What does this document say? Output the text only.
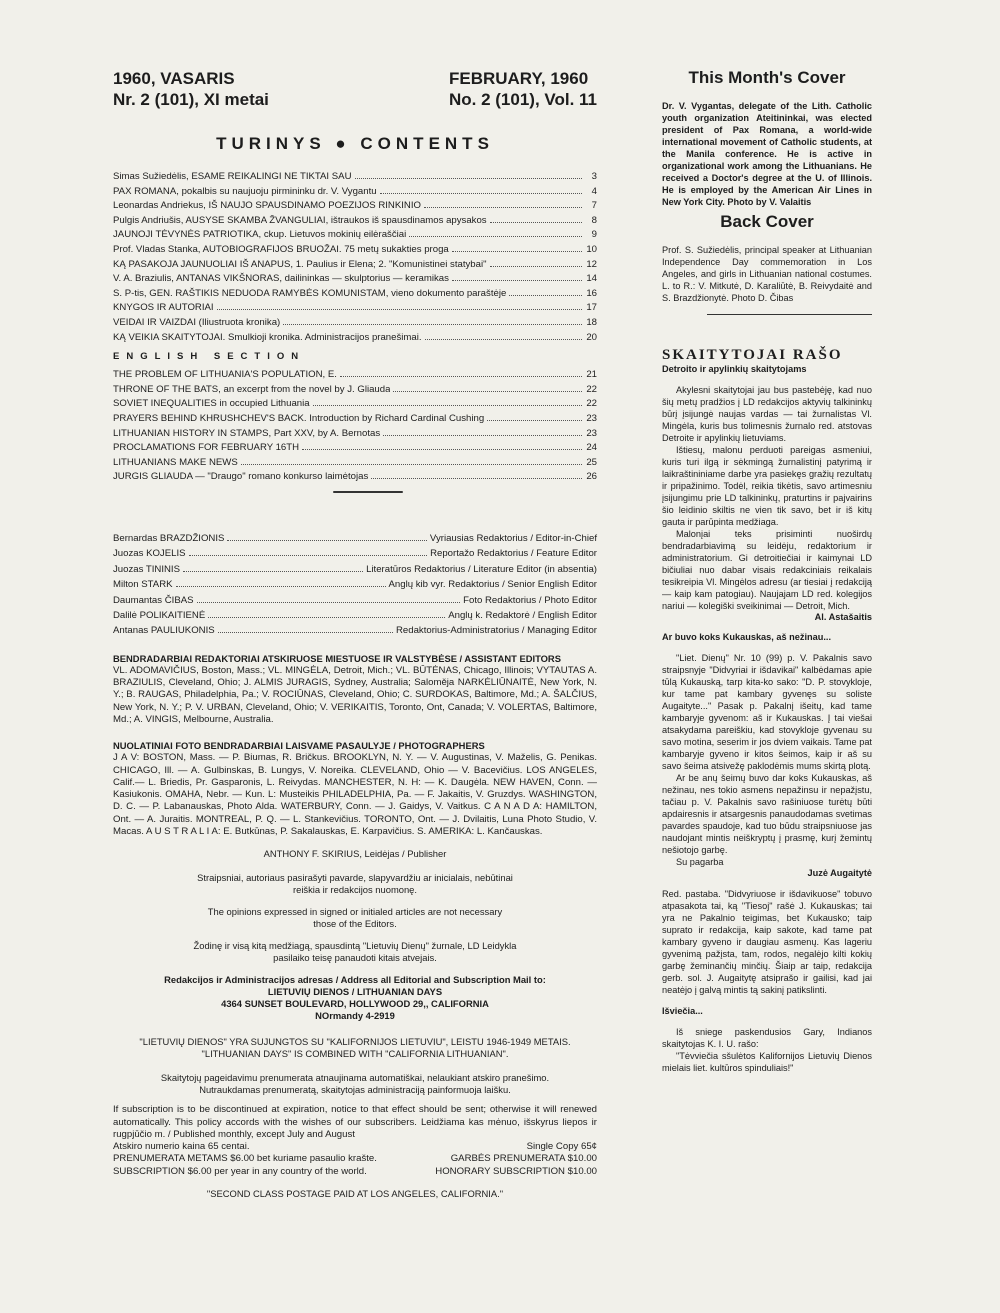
1960, VASARIS
Nr. 2 (101), XI metai
FEBRUARY, 1960
No. 2 (101), Vol. 11
TURINYS ● CONTENTS
Simas Sužiedėlis, ESAME REIKALINGI NE TIKTAI SAU	3
PAX ROMANA, pokalbis su naujuoju pirmininku dr. V. Vygantu	4
Leonardas Andriekus, IŠ NAUJO SPAUSDINAMO POEZIJOS RINKINIO	7
Pulgis Andriušis, AUSYSE SKAMBA ŽVANGULIAI, ištraukos iš spausdinamos apysakos	8
JAUNOJI TĖVYNĖS PATRIOTIKA, ckup. Lietuvos mokinių eilėraščiai	9
Prof. Vladas Stanka, AUTOBIOGRAFIJOS BRUOŽAI. 75 metų sukakties proga	10
KĄ PASAKOJA JAUNUOLIAI IŠ ANAPUS, 1. Paulius ir Elena; 2. "Komunistinei statybai"	12
V. A. Braziulis, ANTANAS VIKŠNORAS, dailininkas — skulptorius — keramikas	14
S. P-tis, GEN. RAŠTIKIS NEDUODA RAMYBĖS KOMUNISTAM, vieno dokumento paraštėje	16
KNYGOS IR AUTORIAI	17
VEIDAI IR VAIZDAI (Iliustruota kronika)	18
KĄ VEIKIA SKAITYTOJAI. Smulkioji kronika. Administracijos pranešimai.	20
ENGLISH SECTION
THE PROBLEM OF LITHUANIA'S POPULATION, E.	21
THRONE OF THE BATS, an excerpt from the novel by J. Gliauda	22
SOVIET INEQUALITIES in occupied Lithuania	22
PRAYERS BEHIND KHRUSHCHEV'S BACK. Introduction by Richard Cardinal Cushing	23
LITHUANIAN HISTORY IN STAMPS, Part XXV, by A. Bernotas	23
PROCLAMATIONS FOR FEBRUARY 16TH	24
LITHUANIANS MAKE NEWS	25
JURGIS GLIAUDA — "Draugo" romano konkurso laimėtojas	26
Bernardas BRAZDŽIONIS	Vyriausias Redaktorius / Editor-in-Chief
Juozas KOJELIS	Reportažo Redaktorius / Feature Editor
Juozas TININIS	Literatūros Redaktorius / Literature Editor (in absentia)
Milton STARK	Anglų kib vyr. Redaktorius / Senior English Editor
Daumantas ČIBAS	Foto Redaktorius / Photo Editor
Dalilė POLIKAITIENĖ	Anglų k. Redaktorė / English Editor
Antanas PAULIUKONIS	Redaktorius-Administratorius / Managing Editor
BENDRADARBIAI REDAKTORIAI ATSKIRUOSE MIESTUOSE IR VALSTYBĖSE / ASSISTANT EDITORS
VL. ADOMAVIČIUS, Boston, Mass.; VL. MINGĖLA, Detroit, Mich.; VL. BŪTĖNAS, Chicago, Illinois; VYTAUTAS A. BRAZIULIS, Cleveland, Ohio; J. ALMIS JURAGIS, Sydney, Australia; Saloměja NARKĖLIŪNAITĖ, New York, N. Y.; B. RAUGAS, Philadelphia, Pa.; V. ROCIŪNAS, Cleveland, Ohio; C. SURDOKAS, Baltimore, Md.; A. ŠALČIUS, New York, N. Y.; P. V. URBAN, Cleveland, Ohio; V. VERIKAITIS, Toronto, Ont, Canada; V. VOLERTAS, Baltimore, Md.; A. VINGIS, Melbourne, Australia.
NUOLATINIAI FOTO BENDRADARBIAI LAISVAME PASAULYJE / PHOTOGRAPHERS
J A V: BOSTON, Mass. — P. Biumas, R. Bričkus. BROOKLYN, N. Y. — V. Augustinas, V. Maželis, G. Penikas. CHICAGO, Ill. — A. Gulbinskas, B. Lungys, V. Noreika. CLEVELAND, Ohio — V. Bacevičius. LOS ANGELES, Calif.— L. Briedis, Pr. Gasparonis, L. Reivydas. MANCHESTER, N. H: — K. Daugėla. NEW HAVEN, Conn. — Kasiukonis. OMAHA, Nebr. — Kun. L: Musteikis PHILADELPHIA, Pa. — F. Jakaitis, V. Gruzdys. WASHINGTON, D. C. — P. Labanauskas, Photo Alda. WATERBURY, Conn. — J. Gaidys, V. Vaitkus. C A N A D A: HAMILTON, Ont. — A. Juraitis. MONTREAL, P. Q. — L. Stankevičius. TORONTO, Ont. — J. Dvilaitis, Luna Photo Studio, V. Macas. A U S T R A L I A: E. Butkūnas, P. Sakalauskas, E. Karpavičius. S. AMERIKA: L. Kančauskas.
ANTHONY F. SKIRIUS, Leidėjas / Publisher
Straipsniai, autoriaus pasirašyti pavarde, slapyvardžiu ar inicialais, nebūtinai reiškia ir redakcijos nuomonę.
The opinions expressed in signed or initialed articles are not necessary those of the Editors.
Žodinę ir visą kitą medžiagą, spausdintą "Lietuvių Dienų" žurnale, LD Leidykla pasilaiko teisę panaudoti kitais atvejais.
Redakcijos ir Administracijos adresas / Address all Editorial and Subscription Mail to:
LIETUVIŲ DIENOS / LITHUANIAN DAYS
4364 SUNSET BOULEVARD, HOLLYWOOD 29,, CALIFORNIA
NOrmandy 4-2919
"LIETUVIŲ DIENOS" YRA SUJUNGTOS SU "KALIFORNIJOS LIETUVIU", LEISTU 1946-1949 METAIS.
"LITHUANIAN DAYS" IS COMBINED WITH "CALIFORNIA LITHUANIAN".
Skaitytojų pageidavimu prenumerata atnaujinama automatiškai, nelaukiant atskiro pranešimo.
Nutraukdamas prenumeratą, skaitytojas administraciją painformuoja laišku.
If subscription is to be discontinued at expiration, notice to that effect should be sent; otherwise it will renewed automatically. This policy accords with the wishes of our subscribers. Leidžiama kas mėnuo, išskyrus liepos ir rugpjūčio m. / Published monthly, except July and August
Atskiro numerio kaina 65 centai.	Single Copy 65¢
PRENUMERATA METAMS $6.00 bet kuriame pasaulio krašte.	GARBĖS PRENUMERATA $10.00
SUBSCRIPTION $6.00 per year in any country of the world.	HONORARY SUBSCRIPTION $10.00
"SECOND CLASS POSTAGE PAID AT LOS ANGELES, CALIFORNIA."
This Month's Cover
Dr. V. Vygantas, delegate of the Lith. Catholic youth organization Ateitininkai, was elected president of Pax Romana, a world-wide international movement of Catholic students, at the Manila conference. He is active in organizational work among the Lithuanians. He received a Doctor's degree at the U. of Illinois. He is employed by the American Air Lines in New York City. Photo by V. Valaitis
Back Cover
Prof. S. Sužiedėlis, principal speaker at Lithuanian Independence Day commemoration in Los Angeles, and girls in Lithuanian national costumes. L. to R.: V. Mitkutė, D. Karaliūtė, B. Reivydaitė and S. Brazdžionytė. Photo D. Čibas
SKAITYTOJAI RAŠO
Detroito ir apylinkių skaitytojams

Akylesni skaitytojai jau bus pastebėję, kad nuo šių metų pradžios į LD redakcijos aktyvių talkininkų būrį įsijungė naujas vardas — tai žurnalistas Vl. Mingėla, kuris bus tolimesnis žurnalo red. atstovas Detroite ir apylinkių lietuviams.

Ištiesų, malonu perduoti pareigas asmeniui, kuris turi ilgą ir sėkmingą žurnalistinį patyrimą ir laikraštininiame darbe yra pasiekęs gražių rezultatų ir pripažinimo. Todėl, reikia tikėtis, savo artimesniu įsijungimu prie LD talkininkų, praturtins ir pajvairins šio leidinio skiltis ne vien tik savo, bet ir iš kitų gauta ir parūpinta medžiaga.

Malonįai teks prisiminti nuoširdų bendradarbiavimą su leidėju, redaktorium ir administratorium. Gi detroitiečiai ir kaimynai LD bičiuliai nuo dabar visais redakciniais reikalais tesikreipia Vl. Mingėlos adresu (ar tiesiai į redakciją — kaip kam patogiau). Naujajam LD red. kolegijos nariui — kolegiški sveikinimai — Detroit, Mich.

Al. Astašaitis

Ar buvo koks Kukauskas, aš nežinau...

"Liet. Dienų" Nr. 10 (99) p. V. Pakalnis savo straipsnyje "Didvyriai ir išdavikai" kalbėdamas apie tūlą Kukauską, tarp kita-ko sako: "D. P. stovykloje, kur tame pat kambary gyvenęs su soliste Augaityte..." Pasak p. Pakalnį išeitų, kad tame kambaryje gyvenom: aš ir Kukauskas. Į tai viešai atsakydama pareiškiu, kad stovykloje gyvenau su savo motina, seserim ir jos dviem vaikais. Tame pat kambaryje gyveno ir kitos šeimos, kaip ir aš su savo šeima atsivežę paklodėmis mums skirtą plotą.

Ar be anų šeimų buvo dar koks Kukauskas, aš nežinau, nes tokio asmens nepažinsu ir nepažįstu, tačiau p. V. Pakalnis savo rašiniuose turėtų būti apdairesnis ir atsargesnis panaudodamas svetimas pavardes spaudoje, kad tuo būdu straipsniuose jas naudojant mintis neiškryptų į prasmę, kurį žemintų nešiotojo garbę.

Su pagarba

Juzė Augaitytė

Red. pastaba. "Didvyriuose ir išdavikuose" tobuvo atpasakota tai, ką "Tiesoj" rašė J. Kukauskas; tai yra ne Pakalnio teigimas, bet Kukausko; taip suprato ir redakcija, kaip sakote, kad tame pat kambary gyveno ir daugiau asmenų. Kas lageriu gyvenimą pažįsta, tam, rodos, negalėjo kilti kokių garbę žeminančių minčių. Šiaip ar taip, redakcija gerb. sol. J. Augaitytę atsiprašo ir gailisi, kad jai neatėjo į galvą mintis tą sakinį patikslinti.

Išviečia...

Iš sniege paskendusios Gary, Indianos skaitytojas K. I. U. rašo:

"Tėvviečia sšulėtos Kalifornijos Lietuvių Dienos mielais liet. kultūros spinduliais!"
